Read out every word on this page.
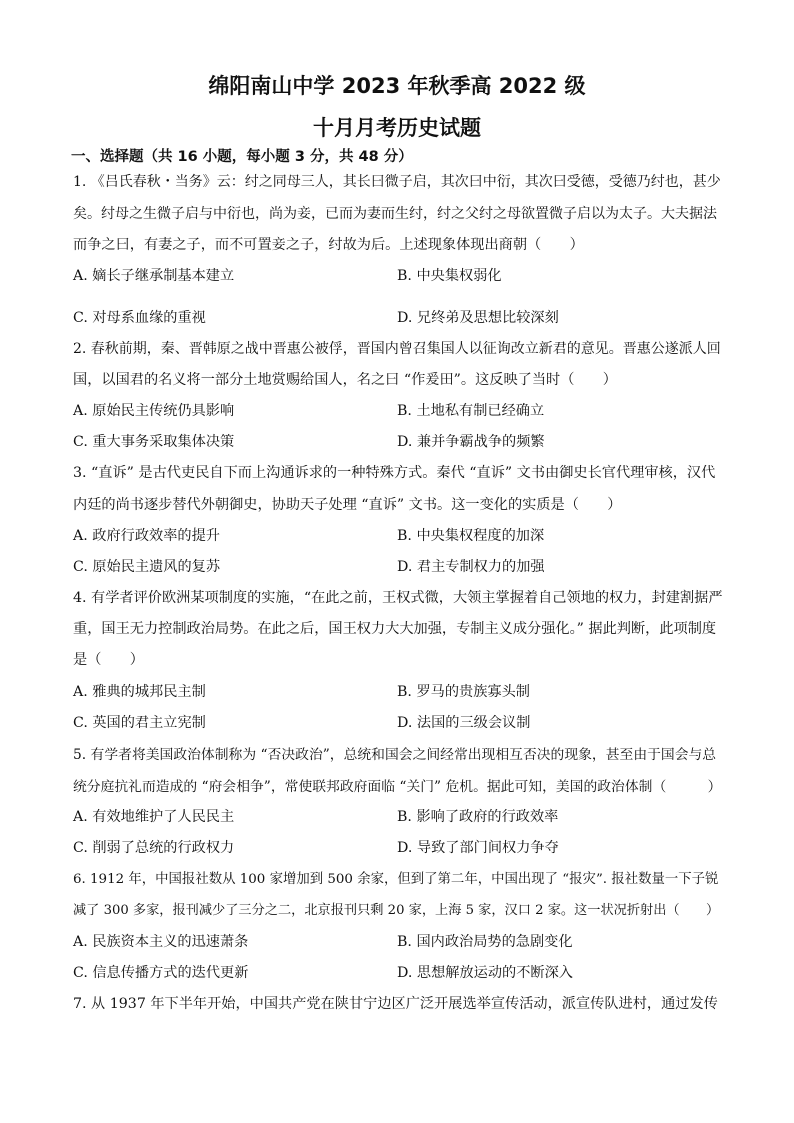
绵阳南山中学 2023 年秋季高 2022 级
十月月考历史试题
一、选择题（共 16 小题，每小题 3 分，共 48 分）
1. 《吕氏春秋・当务》云：纣之同母三人，其长曰微子启，其次曰中衍，其次曰受德，受德乃纣也，甚少
矣。纣母之生微子启与中衍也，尚为妾，已而为妻而生纣，纣之父纣之母欲置微子启以为太子。大夫据法
而争之曰，有妻之子，而不可置妾之子，纣故为后。上述现象体现出商朝（　　）
A. 嫡长子继承制基本建立	B. 中央集权弱化
C. 对母系血缘的重视	D. 兄终弟及思想比较深刻
2. 春秋前期，秦、晋韩原之战中晋惠公被俘，晋国内曾召集国人以征询改立新君的意见。晋惠公遂派人回
国，以国君的名义将一部分土地赏赐给国人，名之曰 “作爰田”。这反映了当时（　　）
A. 原始民主传统仍具影响	B. 土地私有制已经确立
C. 重大事务采取集体决策	D. 兼并争霸战争的频繁
3. “直诉” 是古代吏民自下而上沟通诉求的一种特殊方式。秦代 “直诉” 文书由御史长官代理审核，汉代
内廷的尚书逐步替代外朝御史，协助天子处理 “直诉” 文书。这一变化的实质是（　　）
A. 政府行政效率的提升	B. 中央集权程度的加深
C. 原始民主遗风的复苏	D. 君主专制权力的加强
4. 有学者评价欧洲某项制度的实施，“在此之前，王权式微，大领主掌握着自己领地的权力，封建割据严
重，国王无力控制政治局势。在此之后，国王权力大大加强，专制主义成分强化。” 据此判断，此项制度
是（　　）
A. 雅典的城邦民主制	B. 罗马的贵族寡头制
C. 英国的君主立宪制	D. 法国的三级会议制
5. 有学者将美国政治体制称为 “否决政治”，总统和国会之间经常出现相互否决的现象，甚至由于国会与总
统分庭抗礼而造成的 “府会相争”，常使联邦政府面临 “关门” 危机。据此可知，美国的政治体制（　　　）
A. 有效地维护了人民民主	B. 影响了政府的行政效率
C. 削弱了总统的行政权力	D. 导致了部门间权力争夺
6. 1912 年，中国报社数从 100 家增加到 500 余家，但到了第二年，中国出现了 “报灾”. 报社数量一下子锐
减了 300 多家，报刊减少了三分之二，北京报刊只剩 20 家，上海 5 家，汉口 2 家。这一状况折射出（　　）
A. 民族资本主义的迅速萧条	B. 国内政治局势的急剧变化
C. 信息传播方式的迭代更新	D. 思想解放运动的不断深入
7. 从 1937 年下半年开始，中国共产党在陕甘宁边区广泛开展选举宣传活动，派宣传队进村，通过发传
